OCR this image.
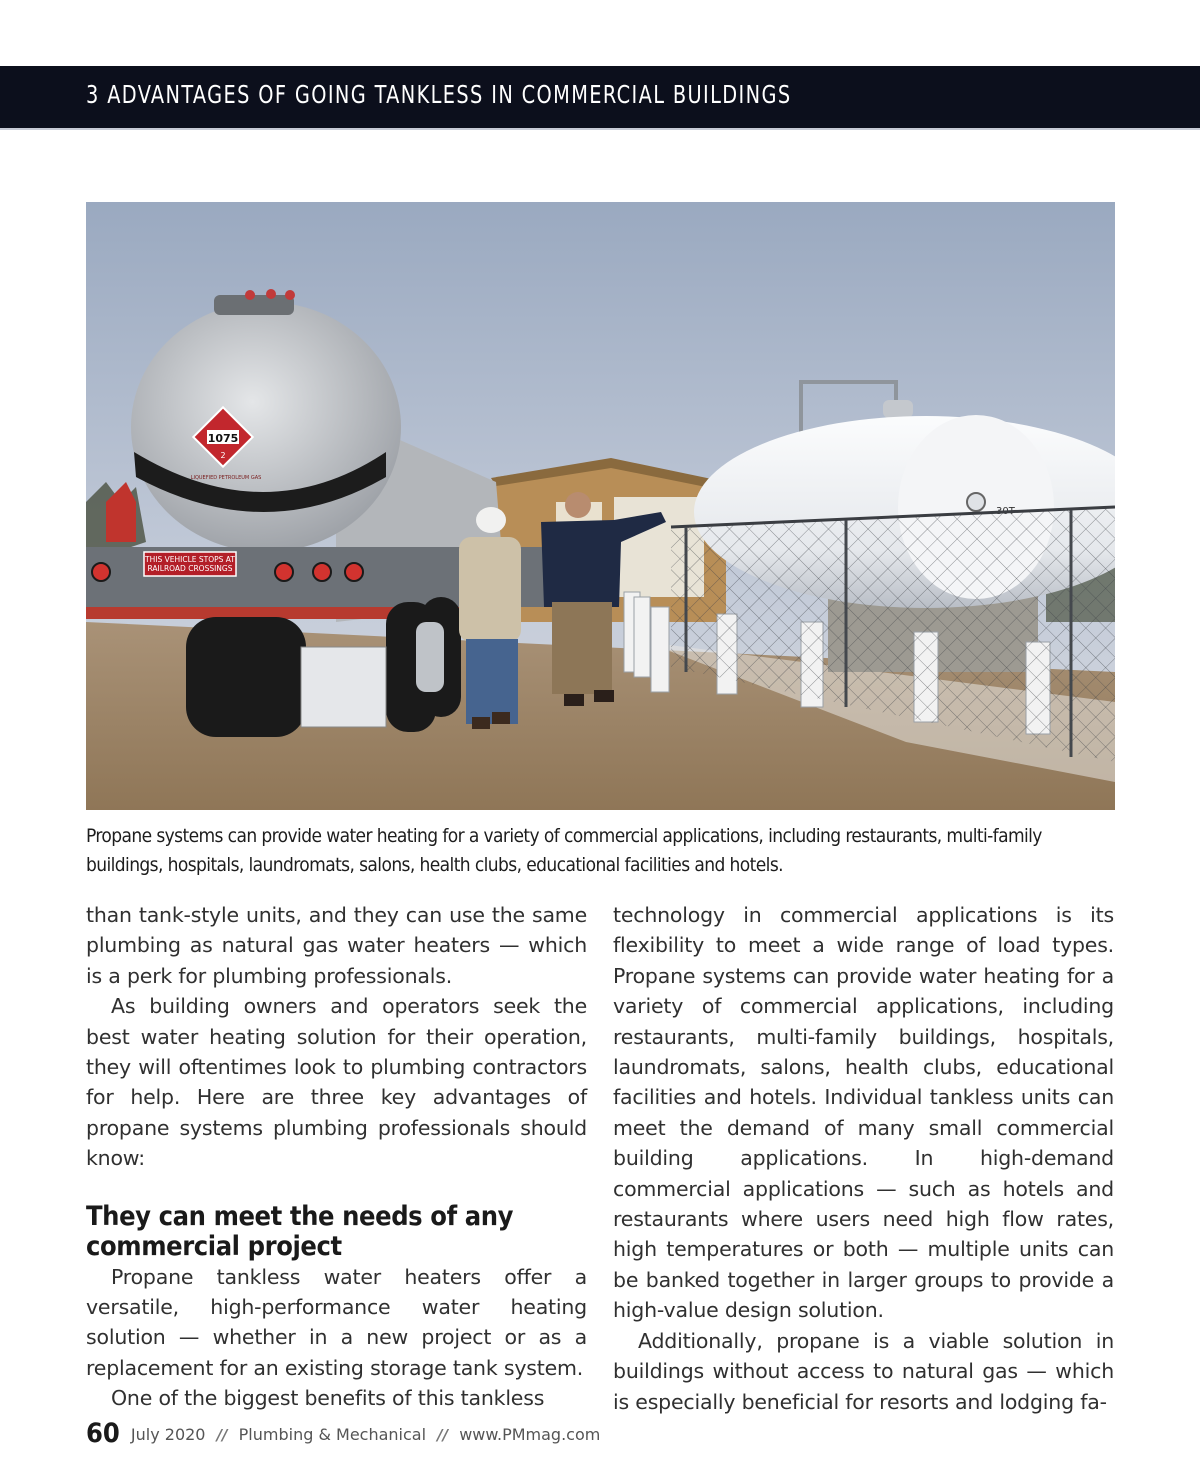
3 ADVANTAGES OF GOING TANKLESS IN COMMERCIAL BUILDINGS
1075
2
LIQUEFIED PETROLEUM GAS
THIS VEHICLE STOPS AT
RAILROAD CROSSINGS
Propane systems can provide water heating for a variety of commercial applications, including restaurants, multi-family buildings, hospitals, laundromats, salons, health clubs, educational facilities and hotels.

than tank-style units, and they can use the same plumbing as natural gas water heaters — which is a perk for plumbing professionals.

As building owners and operators seek the best water heating solution for their operation, they will oftentimes look to plumbing contractors for help. Here are three key advantages of propane systems plumbing professionals should know:

They can meet the needs of any commercial project

Propane tankless water heaters offer a versatile, high-performance water heating solution — whether in a new project or as a replacement for an existing storage tank system.

One of the biggest benefits of this tankless

technology in commercial applications is its flexibility to meet a wide range of load types. Propane systems can provide water heating for a variety of commercial applications, including restaurants, multi-family buildings, hospitals, laundromats, salons, health clubs, educational facilities and hotels. Individual tankless units can meet the demand of many small commercial building applications. In high-demand commercial applications — such as hotels and restaurants where users need high flow rates, high temperatures or both — multiple units can be banked together in larger groups to provide a high-value design solution.

Additionally, propane is a viable solution in buildings without access to natural gas — which is especially beneficial for resorts and lodging fa-

60 July 2020 // Plumbing & Mechanical // www.PMmag.com
